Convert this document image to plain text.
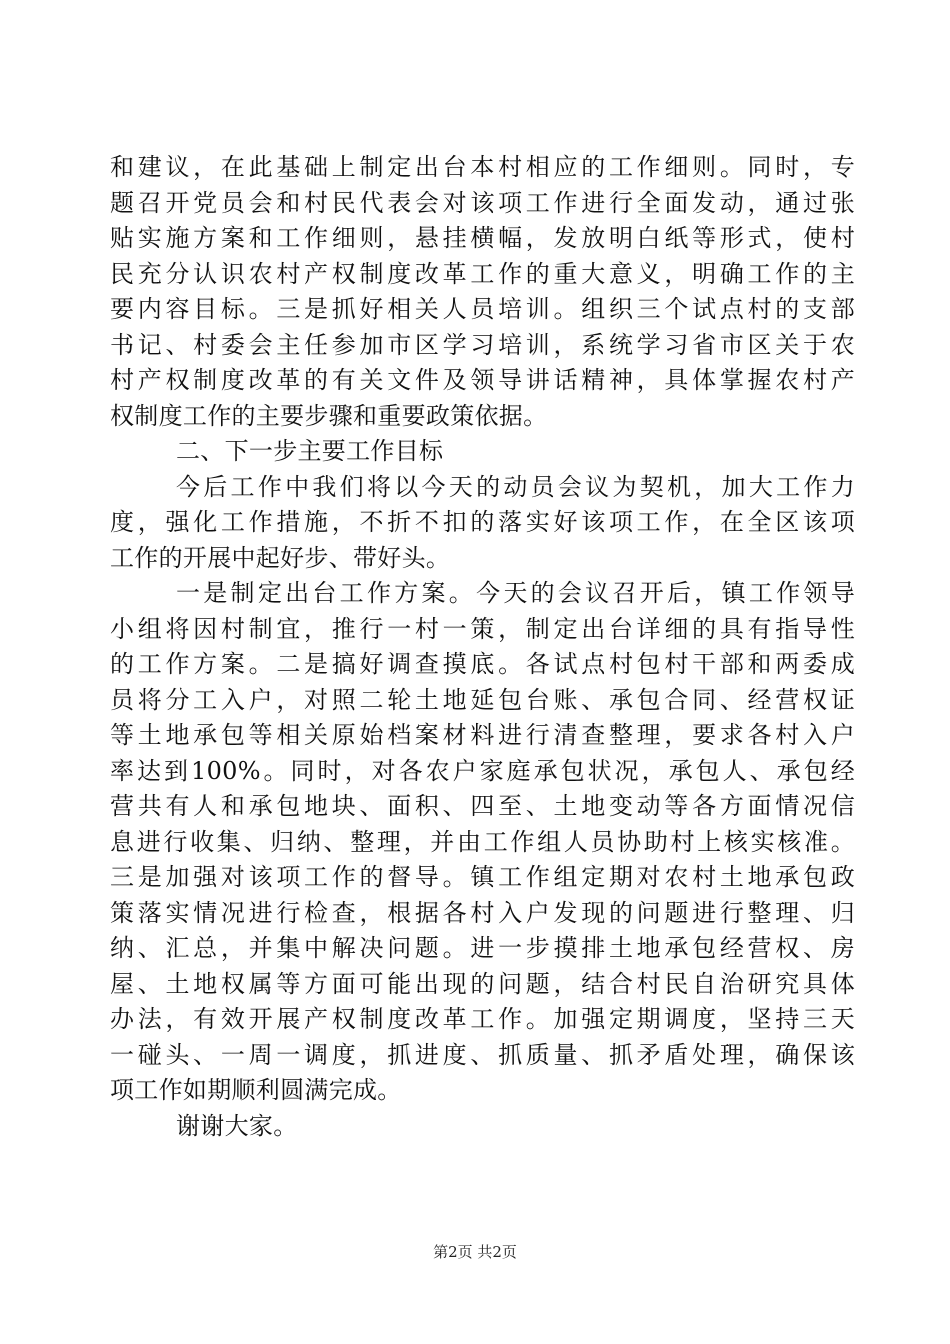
和建议，在此基础上制定出台本村相应的工作细则。同时，专
题召开党员会和村民代表会对该项工作进行全面发动，通过张
贴实施方案和工作细则，悬挂横幅，发放明白纸等形式，使村
民充分认识农村产权制度改革工作的重大意义，明确工作的主
要内容目标。三是抓好相关人员培训。组织三个试点村的支部
书记、村委会主任参加市区学习培训，系统学习省市区关于农
村产权制度改革的有关文件及领导讲话精神，具体掌握农村产
权制度工作的主要步骤和重要政策依据。
二、下一步主要工作目标
今后工作中我们将以今天的动员会议为契机，加大工作力
度，强化工作措施，不折不扣的落实好该项工作，在全区该项
工作的开展中起好步、带好头。
一是制定出台工作方案。今天的会议召开后，镇工作领导
小组将因村制宜，推行一村一策，制定出台详细的具有指导性
的工作方案。二是搞好调查摸底。各试点村包村干部和两委成
员将分工入户，对照二轮土地延包台账、承包合同、经营权证
等土地承包等相关原始档案材料进行清查整理，要求各村入户
率达到100%。同时，对各农户家庭承包状况，承包人、承包经
营共有人和承包地块、面积、四至、土地变动等各方面情况信
息进行收集、归纳、整理，并由工作组人员协助村上核实核准。
三是加强对该项工作的督导。镇工作组定期对农村土地承包政
策落实情况进行检查，根据各村入户发现的问题进行整理、归
纳、汇总，并集中解决问题。进一步摸排土地承包经营权、房
屋、土地权属等方面可能出现的问题，结合村民自治研究具体
办法，有效开展产权制度改革工作。加强定期调度，坚持三天
一碰头、一周一调度，抓进度、抓质量、抓矛盾处理，确保该
项工作如期顺利圆满完成。
谢谢大家。
第2页 共2页
